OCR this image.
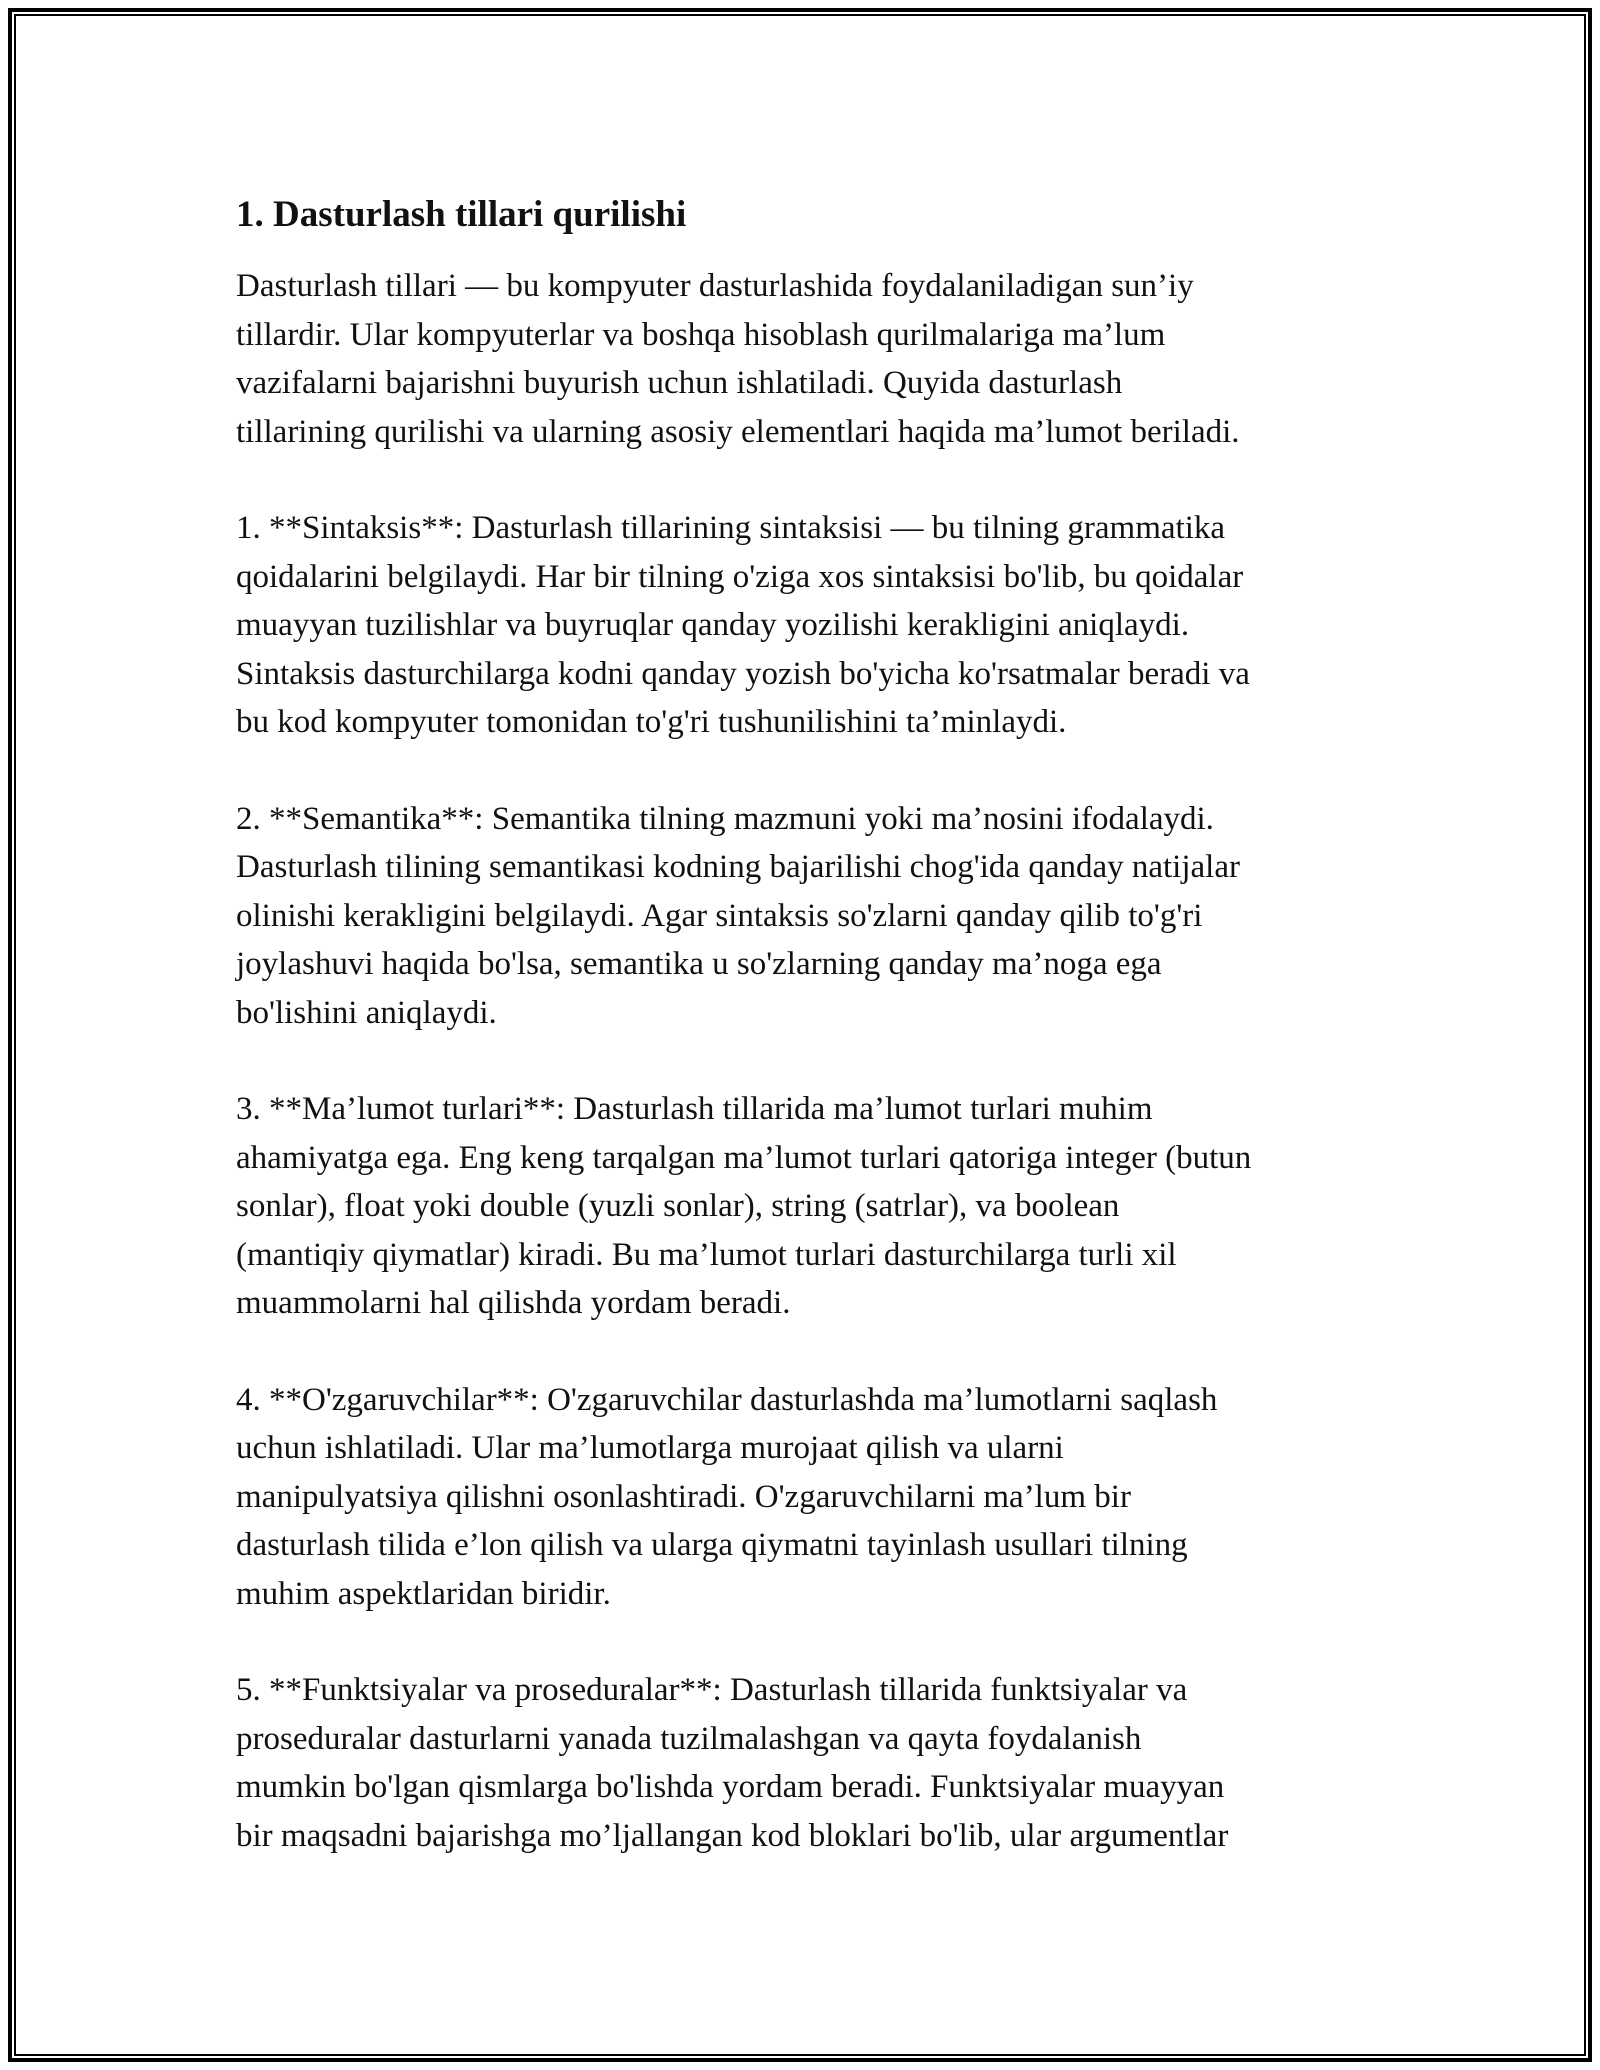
1. Dasturlash tillari qurilishi

Dasturlash tillari — bu kompyuter dasturlashida foydalaniladigan sun’iy
tillardir. Ular kompyuterlar va boshqa hisoblash qurilmalariga ma’lum
vazifalarni bajarishni buyurish uchun ishlatiladi. Quyida dasturlash
tillarining qurilishi va ularning asosiy elementlari haqida ma’lumot beriladi.

1. **Sintaksis**: Dasturlash tillarining sintaksisi — bu tilning grammatika
qoidalarini belgilaydi. Har bir tilning o'ziga xos sintaksisi bo'lib, bu qoidalar
muayyan tuzilishlar va buyruqlar qanday yozilishi kerakligini aniqlaydi.
Sintaksis dasturchilarga kodni qanday yozish bo'yicha ko'rsatmalar beradi va
bu kod kompyuter tomonidan to'g'ri tushunilishini ta’minlaydi.

2. **Semantika**: Semantika tilning mazmuni yoki ma’nosini ifodalaydi.
Dasturlash tilining semantikasi kodning bajarilishi chog'ida qanday natijalar
olinishi kerakligini belgilaydi. Agar sintaksis so'zlarni qanday qilib to'g'ri
joylashuvi haqida bo'lsa, semantika u so'zlarning qanday ma’noga ega
bo'lishini aniqlaydi.

3. **Ma’lumot turlari**: Dasturlash tillarida ma’lumot turlari muhim
ahamiyatga ega. Eng keng tarqalgan ma’lumot turlari qatoriga integer (butun
sonlar), float yoki double (yuzli sonlar), string (satrlar), va boolean
(mantiqiy qiymatlar) kiradi. Bu ma’lumot turlari dasturchilarga turli xil
muammolarni hal qilishda yordam beradi.

4. **O'zgaruvchilar**: O'zgaruvchilar dasturlashda ma’lumotlarni saqlash
uchun ishlatiladi. Ular ma’lumotlarga murojaat qilish va ularni
manipulyatsiya qilishni osonlashtiradi. O'zgaruvchilarni ma’lum bir
dasturlash tilida e’lon qilish va ularga qiymatni tayinlash usullari tilning
muhim aspektlaridan biridir.

5. **Funktsiyalar va proseduralar**: Dasturlash tillarida funktsiyalar va
proseduralar dasturlarni yanada tuzilmalashgan va qayta foydalanish
mumkin bo'lgan qismlarga bo'lishda yordam beradi. Funktsiyalar muayyan
bir maqsadni bajarishga mo’ljallangan kod bloklari bo'lib, ular argumentlar
